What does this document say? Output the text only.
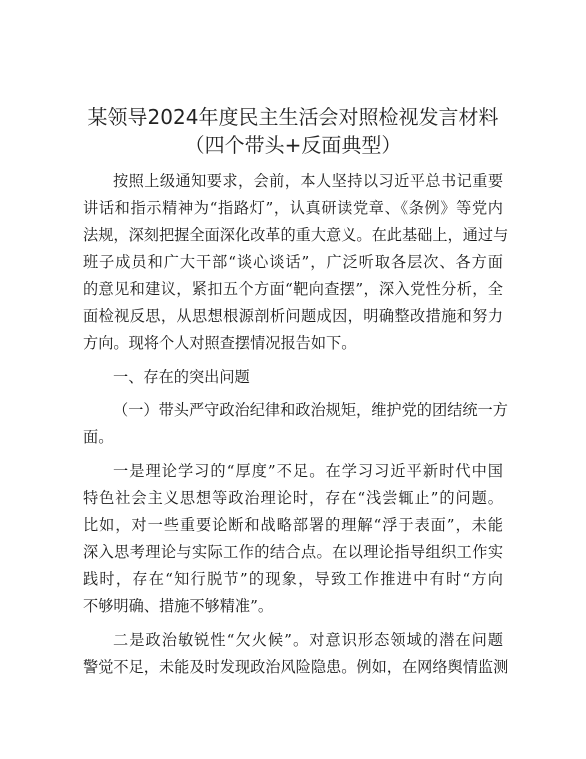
某领导2024年度民主生活会对照检视发言材料
（四个带头+反面典型）
按照上级通知要求，会前，本人坚持以习近平总书记重要
讲话和指示精神为“指路灯”，认真研读党章、《条例》等党内
法规，深刻把握全面深化改革的重大意义。在此基础上，通过与
班子成员和广大干部“谈心谈话”，广泛听取各层次、各方面
的意见和建议，紧扣五个方面“靶向查摆”，深入党性分析，全
面检视反思，从思想根源剖析问题成因，明确整改措施和努力
方向。现将个人对照查摆情况报告如下。
一、存在的突出问题
（一）带头严守政治纪律和政治规矩，维护党的团结统一方
面。
一是理论学习的“厚度”不足。在学习习近平新时代中国
特色社会主义思想等政治理论时，存在“浅尝辄止”的问题。
比如，对一些重要论断和战略部署的理解“浮于表面”，未能
深入思考理论与实际工作的结合点。在以理论指导组织工作实
践时，存在“知行脱节”的现象，导致工作推进中有时“方向
不够明确、措施不够精准”。
二是政治敏锐性“欠火候”。对意识形态领域的潜在问题
警觉不足，未能及时发现政治风险隐患。例如，在网络舆情监测
